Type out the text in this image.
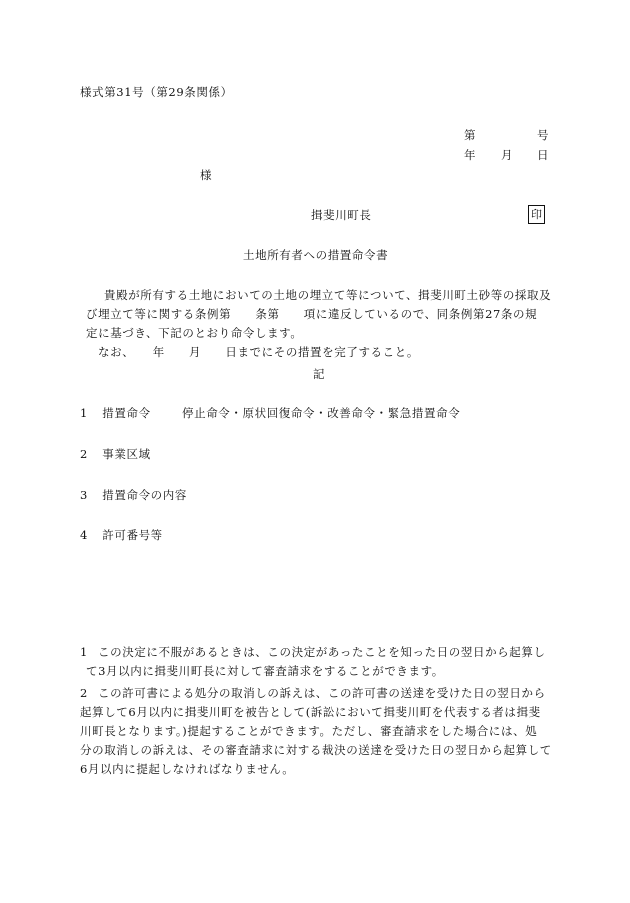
様式第31号（第29条関係）
第	号
年 月 日
様
揖斐川町長	印
土地所有者への措置命令書
貴殿が所有する土地においての土地の埋立て等について、揖斐川町土砂等の採取及
び埋立て等に関する条例第　　条第　　項に違反しているので、同条例第27条の規
定に基づき、下記のとおり命令します。
なお、　　年　　月　　日までにその措置を完了すること。
記
1 措置命令	停止命令・原状回復命令・改善命令・緊急措置命令
2 事業区域
3 措置命令の内容
4 許可番号等
1 この決定に不服があるときは、この決定があったことを知った日の翌日から起算し
て3月以内に揖斐川町長に対して審査請求をすることができます。
2 この許可書による処分の取消しの訴えは、この許可書の送達を受けた日の翌日から
起算して6月以内に揖斐川町を被告として(訴訟において揖斐川町を代表する者は揖斐
川町長となります。)提起することができます。ただし、審査請求をした場合には、処
分の取消しの訴えは、その審査請求に対する裁決の送達を受けた日の翌日から起算して
6月以内に提起しなければなりません。
